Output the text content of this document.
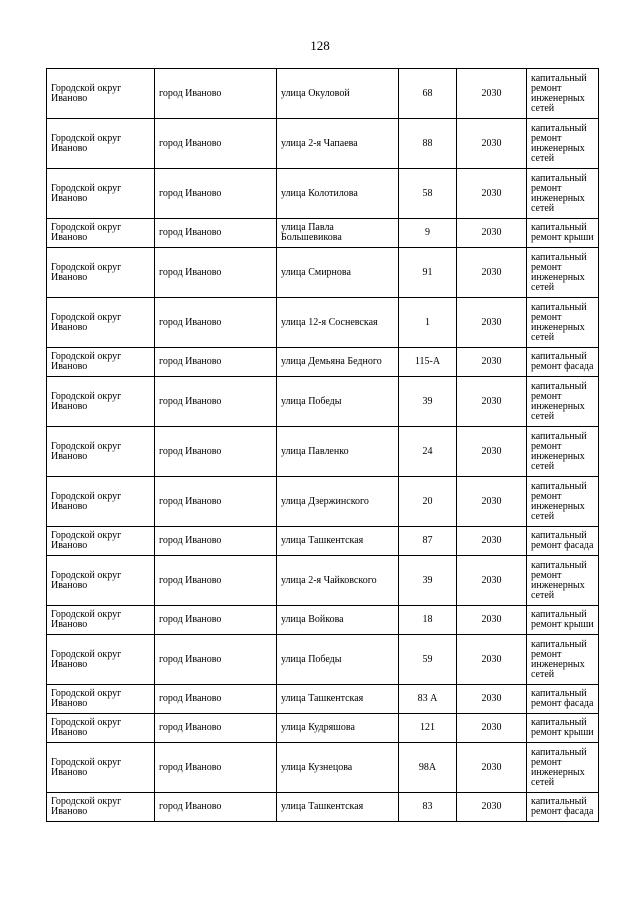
128
Городской округ Иваново	город Иваново	улица Окуловой	68	2030	капитальный ремонт инженерных сетей
Городской округ Иваново	город Иваново	улица 2-я Чапаева	88	2030	капитальный ремонт инженерных сетей
Городской округ Иваново	город Иваново	улица Колотилова	58	2030	капитальный ремонт инженерных сетей
Городской округ Иваново	город Иваново	улица Павла Большевикова	9	2030	капитальный ремонт крыши
Городской округ Иваново	город Иваново	улица Смирнова	91	2030	капитальный ремонт инженерных сетей
Городской округ Иваново	город Иваново	улица 12-я Сосневская	1	2030	капитальный ремонт инженерных сетей
Городской округ Иваново	город Иваново	улица Демьяна Бедного	115-А	2030	капитальный ремонт фасада
Городской округ Иваново	город Иваново	улица Победы	39	2030	капитальный ремонт инженерных сетей
Городской округ Иваново	город Иваново	улица Павленко	24	2030	капитальный ремонт инженерных сетей
Городской округ Иваново	город Иваново	улица Дзержинского	20	2030	капитальный ремонт инженерных сетей
Городской округ Иваново	город Иваново	улица Ташкентская	87	2030	капитальный ремонт фасада
Городской округ Иваново	город Иваново	улица 2-я Чайковского	39	2030	капитальный ремонт инженерных сетей
Городской округ Иваново	город Иваново	улица Войкова	18	2030	капитальный ремонт крыши
Городской округ Иваново	город Иваново	улица Победы	59	2030	капитальный ремонт инженерных сетей
Городской округ Иваново	город Иваново	улица Ташкентская	83 А	2030	капитальный ремонт фасада
Городской округ Иваново	город Иваново	улица Кудряшова	121	2030	капитальный ремонт крыши
Городской округ Иваново	город Иваново	улица Кузнецова	98А	2030	капитальный ремонт инженерных сетей
Городской округ Иваново	город Иваново	улица Ташкентская	83	2030	капитальный ремонт фасада
